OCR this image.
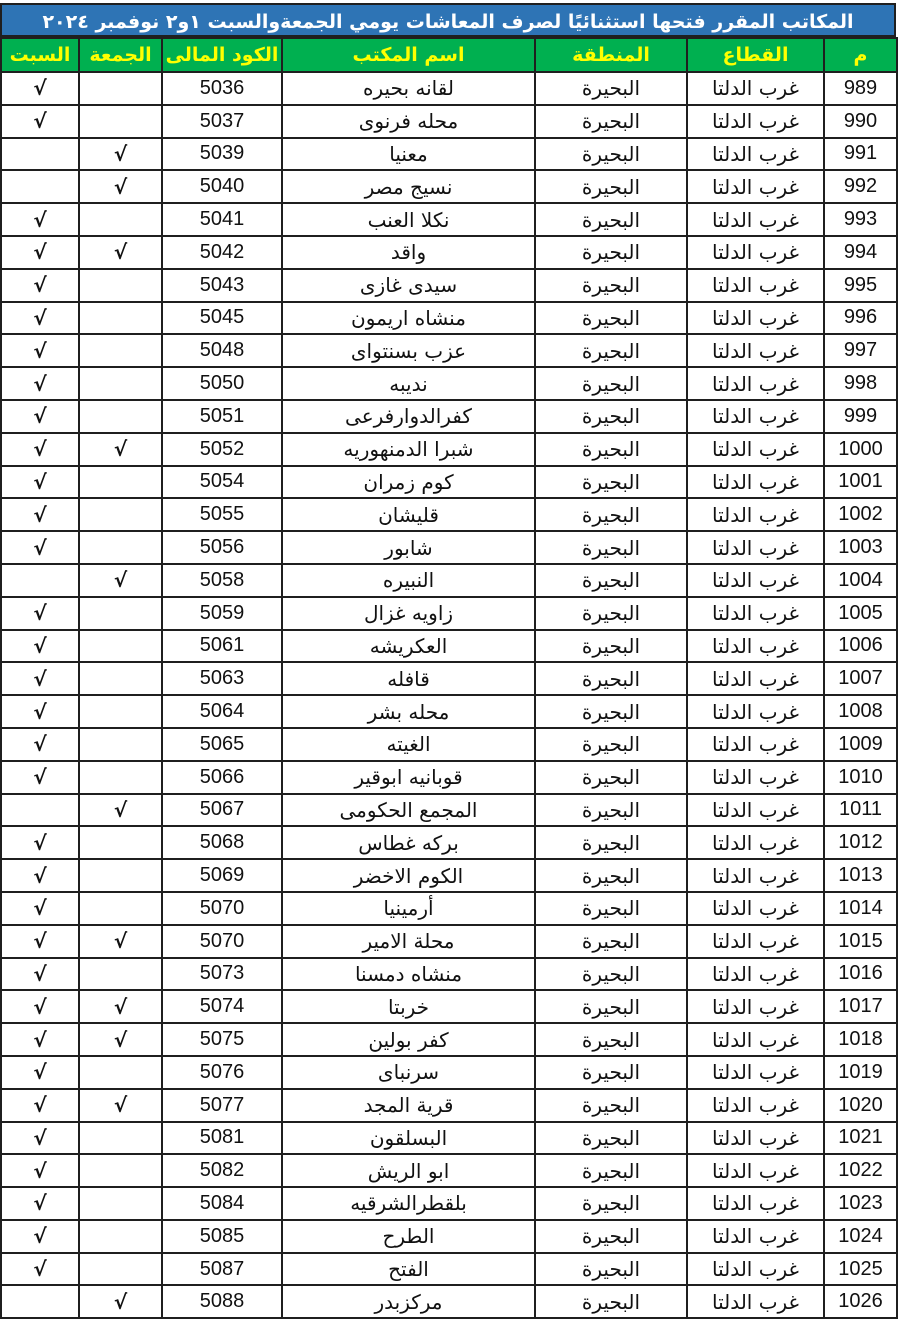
المكاتب المقرر فتحها استثنائيًا لصرف المعاشات يومي الجمعةوالسبت ١و٢ نوفمبر ٢٠٢٤
السبت	الجمعة	الكود المالى	اسم المكتب	المنطقة	القطاع	م
√		5036	لقانه بحيره	البحيرة	غرب الدلتا	989
√		5037	محله فرنوى	البحيرة	غرب الدلتا	990
	√	5039	معنيا	البحيرة	غرب الدلتا	991
	√	5040	نسيج مصر	البحيرة	غرب الدلتا	992
√		5041	نكلا العنب	البحيرة	غرب الدلتا	993
√	√	5042	واقد	البحيرة	غرب الدلتا	994
√		5043	سيدى غازى	البحيرة	غرب الدلتا	995
√		5045	منشاه اريمون	البحيرة	غرب الدلتا	996
√		5048	عزب بسنتواى	البحيرة	غرب الدلتا	997
√		5050	نديبه	البحيرة	غرب الدلتا	998
√		5051	كفرالدوارفرعى	البحيرة	غرب الدلتا	999
√	√	5052	شبرا الدمنهوريه	البحيرة	غرب الدلتا	1000
√		5054	كوم زمران	البحيرة	غرب الدلتا	1001
√		5055	قليشان	البحيرة	غرب الدلتا	1002
√		5056	شابور	البحيرة	غرب الدلتا	1003
	√	5058	النبيره	البحيرة	غرب الدلتا	1004
√		5059	زاويه غزال	البحيرة	غرب الدلتا	1005
√		5061	العكريشه	البحيرة	غرب الدلتا	1006
√		5063	قافله	البحيرة	غرب الدلتا	1007
√		5064	محله بشر	البحيرة	غرب الدلتا	1008
√		5065	الغيته	البحيرة	غرب الدلتا	1009
√		5066	قوبانيه ابوقير	البحيرة	غرب الدلتا	1010
	√	5067	المجمع الحكومى	البحيرة	غرب الدلتا	1011
√		5068	بركه غطاس	البحيرة	غرب الدلتا	1012
√		5069	الكوم الاخضر	البحيرة	غرب الدلتا	1013
√		5070	أرمينيا	البحيرة	غرب الدلتا	1014
√	√	5070	محلة الامير	البحيرة	غرب الدلتا	1015
√		5073	منشاه دمسنا	البحيرة	غرب الدلتا	1016
√	√	5074	خربتا	البحيرة	غرب الدلتا	1017
√	√	5075	كفر بولين	البحيرة	غرب الدلتا	1018
√		5076	سرنباى	البحيرة	غرب الدلتا	1019
√	√	5077	قرية المجد	البحيرة	غرب الدلتا	1020
√		5081	البسلقون	البحيرة	غرب الدلتا	1021
√		5082	ابو الريش	البحيرة	غرب الدلتا	1022
√		5084	بلقطرالشرقيه	البحيرة	غرب الدلتا	1023
√		5085	الطرح	البحيرة	غرب الدلتا	1024
√		5087	الفتح	البحيرة	غرب الدلتا	1025
	√	5088	مركزبدر	البحيرة	غرب الدلتا	1026
